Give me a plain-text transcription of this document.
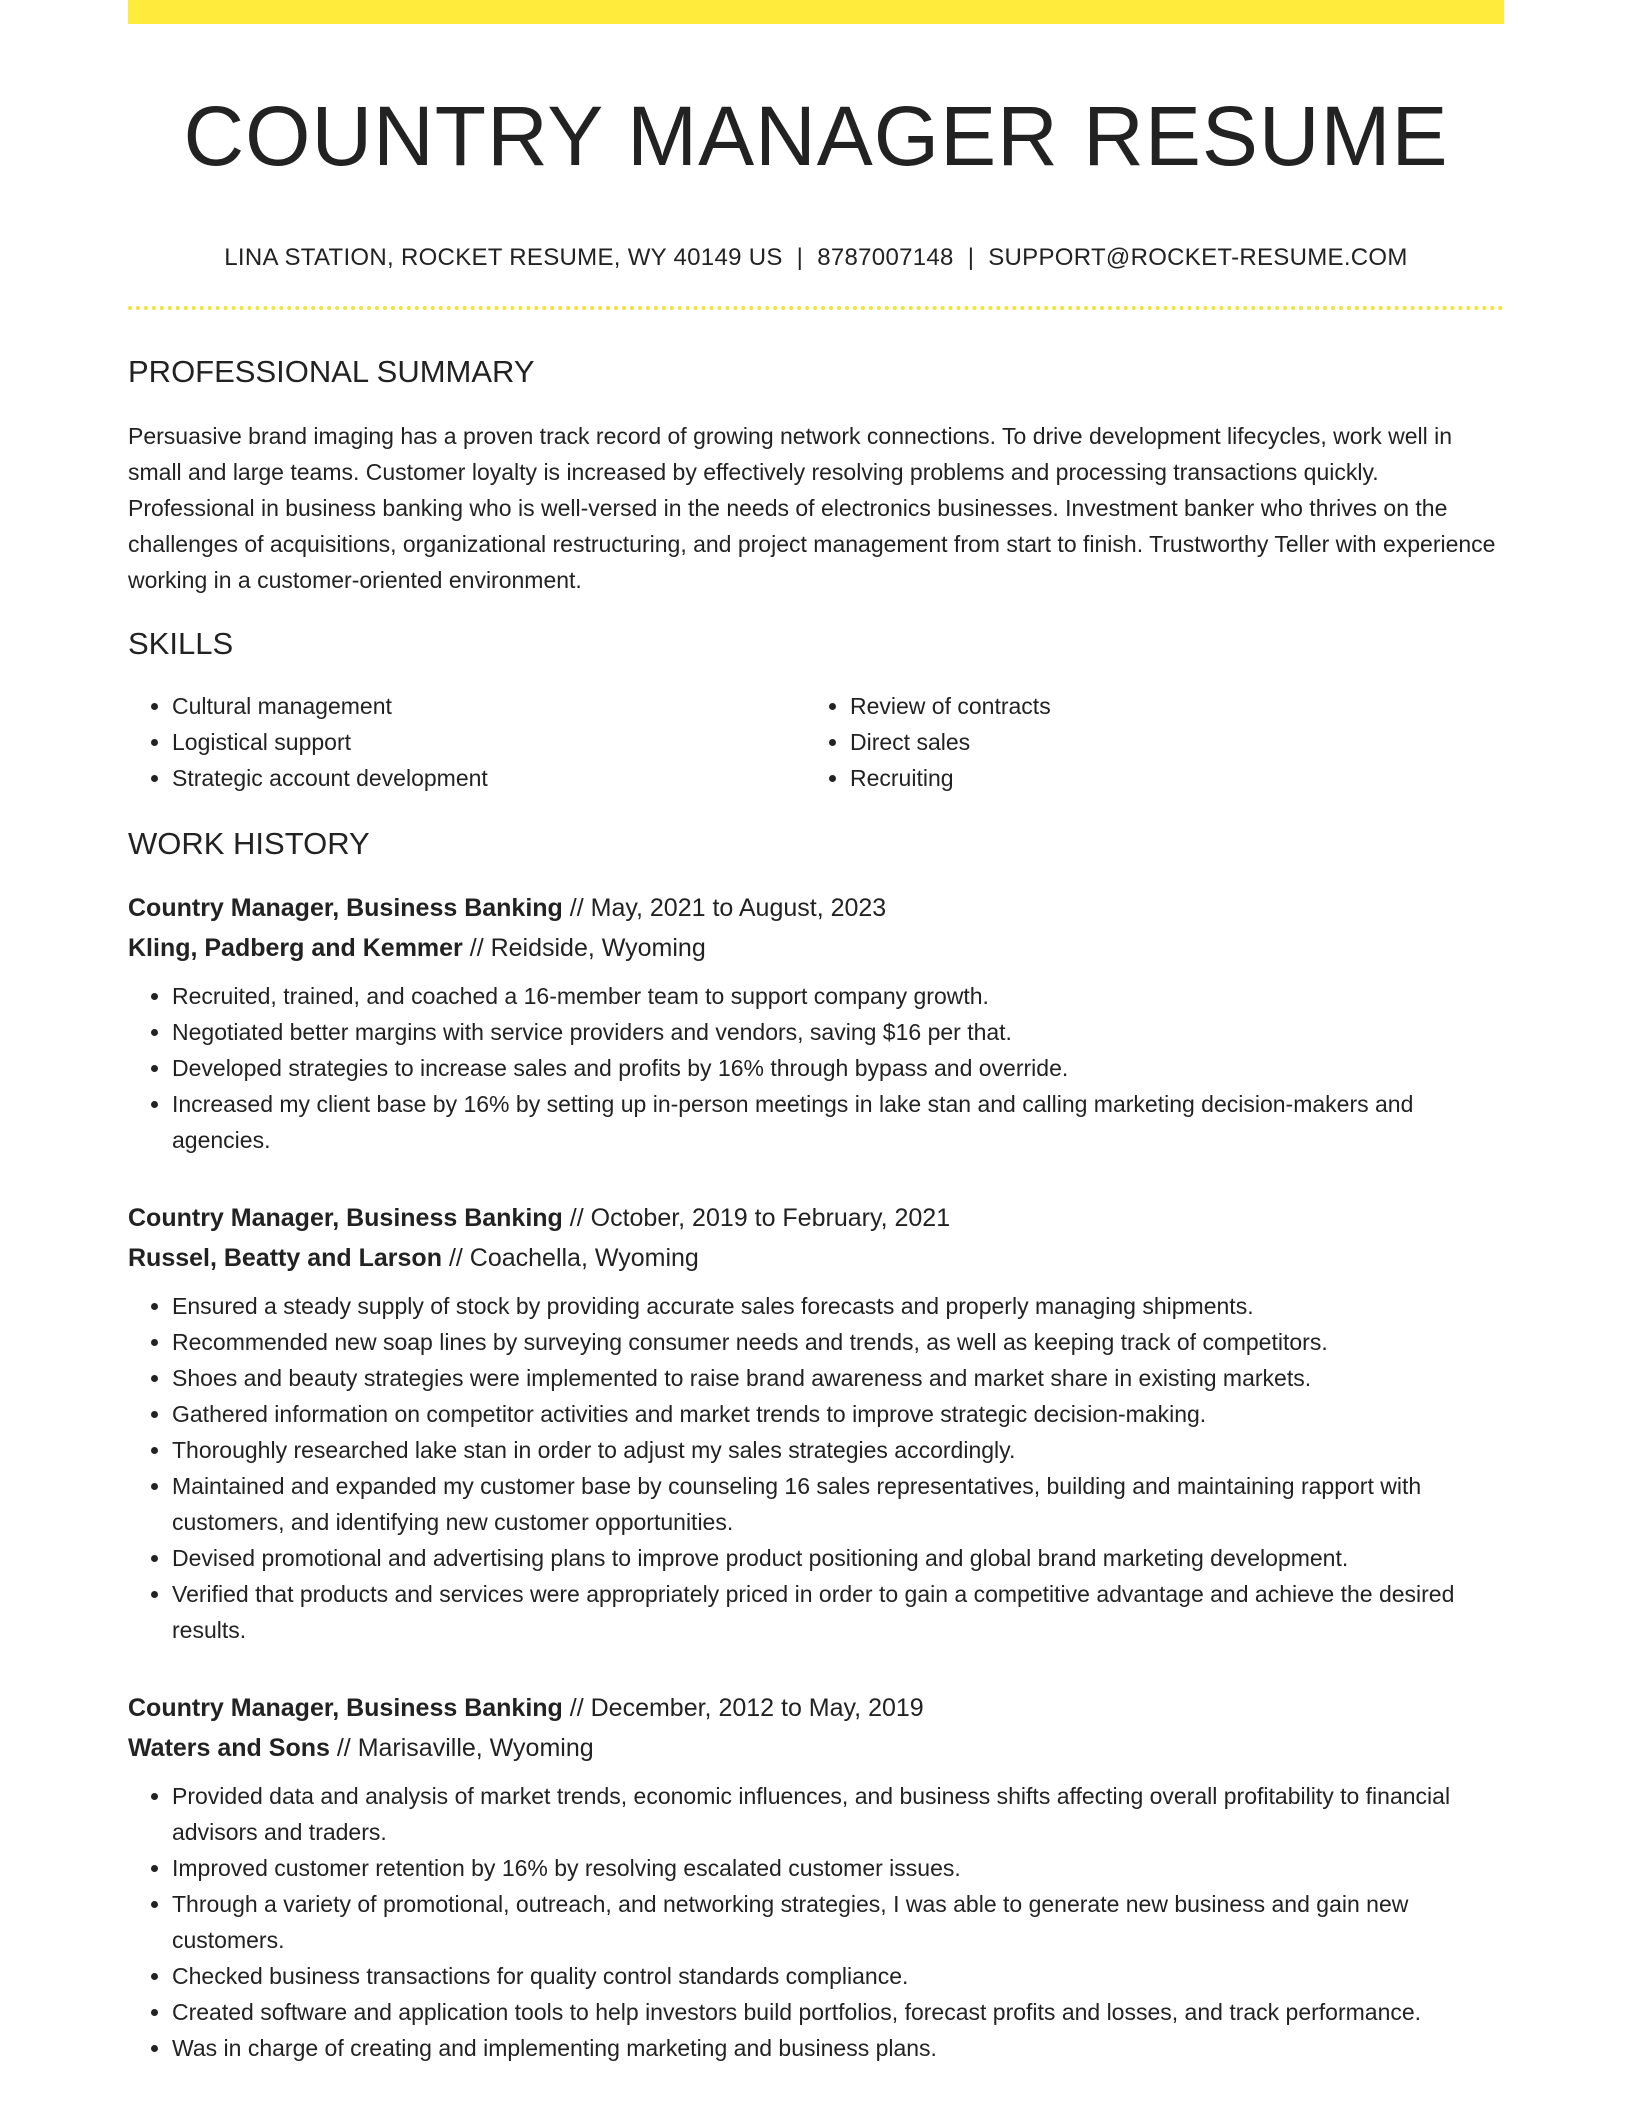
COUNTRY MANAGER RESUME
LINA STATION, ROCKET RESUME, WY 40149 US | 8787007148 | SUPPORT@ROCKET-RESUME.COM
PROFESSIONAL SUMMARY

Persuasive brand imaging has a proven track record of growing network connections. To drive development lifecycles, work well in small and large teams. Customer loyalty is increased by effectively resolving problems and processing transactions quickly. Professional in business banking who is well-versed in the needs of electronics businesses. Investment banker who thrives on the challenges of acquisitions, organizational restructuring, and project management from start to finish. Trustworthy Teller with experience working in a customer-oriented environment.

SKILLS
• Cultural management
• Logistical support
• Strategic account development
• Review of contracts
• Direct sales
• Recruiting
WORK HISTORY
Country Manager, Business Banking // May, 2021 to August, 2023
Kling, Padberg and Kemmer // Reidside, Wyoming
• Recruited, trained, and coached a 16-member team to support company growth.
• Negotiated better margins with service providers and vendors, saving $16 per that.
• Developed strategies to increase sales and profits by 16% through bypass and override.
• Increased my client base by 16% by setting up in-person meetings in lake stan and calling marketing decision-makers and agencies.
Country Manager, Business Banking // October, 2019 to February, 2021
Russel, Beatty and Larson // Coachella, Wyoming
• Ensured a steady supply of stock by providing accurate sales forecasts and properly managing shipments.
• Recommended new soap lines by surveying consumer needs and trends, as well as keeping track of competitors.
• Shoes and beauty strategies were implemented to raise brand awareness and market share in existing markets.
• Gathered information on competitor activities and market trends to improve strategic decision-making.
• Thoroughly researched lake stan in order to adjust my sales strategies accordingly.
• Maintained and expanded my customer base by counseling 16 sales representatives, building and maintaining rapport with customers, and identifying new customer opportunities.
• Devised promotional and advertising plans to improve product positioning and global brand marketing development.
• Verified that products and services were appropriately priced in order to gain a competitive advantage and achieve the desired results.
Country Manager, Business Banking // December, 2012 to May, 2019
Waters and Sons // Marisaville, Wyoming
• Provided data and analysis of market trends, economic influences, and business shifts affecting overall profitability to financial advisors and traders.
• Improved customer retention by 16% by resolving escalated customer issues.
• Through a variety of promotional, outreach, and networking strategies, I was able to generate new business and gain new customers.
• Checked business transactions for quality control standards compliance.
• Created software and application tools to help investors build portfolios, forecast profits and losses, and track performance.
• Was in charge of creating and implementing marketing and business plans.
